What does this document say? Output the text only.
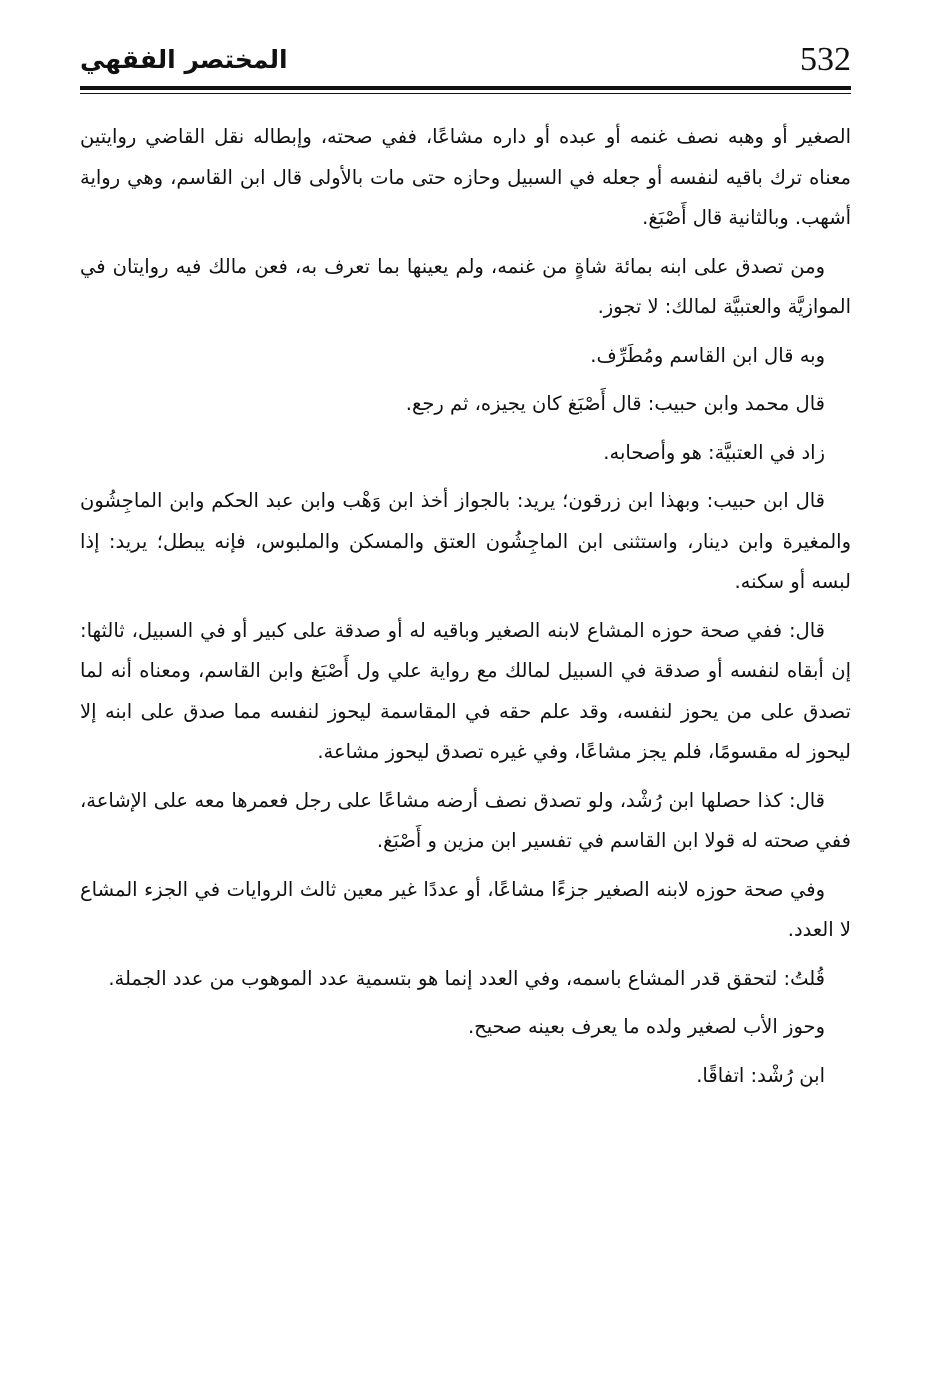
532
المختصر الفقهي

الصغير أو وهبه نصف غنمه أو عبده أو داره مشاعًا، ففي صحته، وإبطاله نقل القاضي روايتين معناه ترك باقيه لنفسه أو جعله في السبيل وحازه حتى مات بالأولى قال ابن القاسم، وهي رواية أشهب. وبالثانية قال أَصْبَغ.

ومن تصدق على ابنه بمائة شاةٍ من غنمه، ولم يعينها بما تعرف به، فعن مالك فيه روايتان في الموازيَّة والعتبيَّة لمالك: لا تجوز.

وبه قال ابن القاسم ومُطَرِّف.

قال محمد وابن حبيب: قال أَصْبَغ كان يجيزه، ثم رجع.

زاد في العتبيَّة: هو وأصحابه.

قال ابن حبيب: وبهذا ابن زرقون؛ يريد: بالجواز أخذ ابن وَهْب وابن عبد الحكم وابن الماجِشُون والمغيرة وابن دينار، واستثنى ابن الماجِشُون العتق والمسكن والملبوس، فإنه يبطل؛ يريد: إذا لبسه أو سكنه.

قال: ففي صحة حوزه المشاع لابنه الصغير وباقيه له أو صدقة على كبير أو في السبيل، ثالثها: إن أبقاه لنفسه أو صدقة في السبيل لمالك مع رواية علي ول أَصْبَغ وابن القاسم، ومعناه أنه لما تصدق على من يحوز لنفسه، وقد علم حقه في المقاسمة ليحوز لنفسه مما صدق على ابنه إلا ليحوز له مقسومًا، فلم يجز مشاعًا، وفي غيره تصدق ليحوز مشاعة.

قال: كذا حصلها ابن رُشْد، ولو تصدق نصف أرضه مشاعًا على رجل فعمرها معه على الإشاعة، ففي صحته له قولا ابن القاسم في تفسير ابن مزين و أَصْبَغ.

وفي صحة حوزه لابنه الصغير جزءًا مشاعًا، أو عددًا غير معين ثالث الروايات في الجزء المشاع لا العدد.

قُلتُ: لتحقق قدر المشاع باسمه، وفي العدد إنما هو بتسمية عدد الموهوب من عدد الجملة.

وحوز الأب لصغير ولده ما يعرف بعينه صحيح.

ابن رُشْد: اتفاقًا.
